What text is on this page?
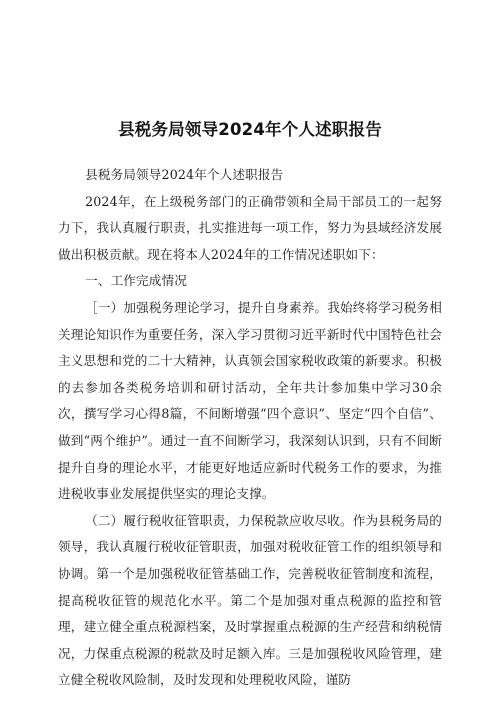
县税务局领导2024年个人述职报告

县税务局领导2024年个人述职报告

2024年，在上级税务部门的正确带领和全局干部员工的一起努力下，我认真履行职责，扎实推进每一项工作，努力为县域经济发展做出积极贡献。现在将本人2024年的工作情况述职如下：

一、工作完成情况

［一）加强税务理论学习，提升自身素养。我始终将学习税务相关理论知识作为重要任务，深入学习贯彻习近平新时代中国特色社会主义思想和党的二十大精神，认真领会国家税收政策的新要求。积极的去参加各类税务培训和研讨活动，全年共计参加集中学习30余次，撰写学习心得8篇，不间断增强“四个意识”、坚定“四个自信”、做到“两个维护”。通过一直不间断学习，我深刻认识到，只有不间断提升自身的理论水平，才能更好地适应新时代税务工作的要求，为推进税收事业发展提供坚实的理论支撑。

（二）履行税收征管职责，力保税款应收尽收。作为县税务局的领导，我认真履行税收征管职责，加强对税收征管工作的组织领导和协调。第一个是加强税收征管基础工作，完善税收征管制度和流程，提高税收征管的规范化水平。第二个是加强对重点税源的监控和管理，建立健全重点税源档案，及时掌握重点税源的生产经营和纳税情况，力保重点税源的税款及时足额入库。三是加强税收风险管理，建立健全税收风险制，及时发现和处理税收风险，谨防
